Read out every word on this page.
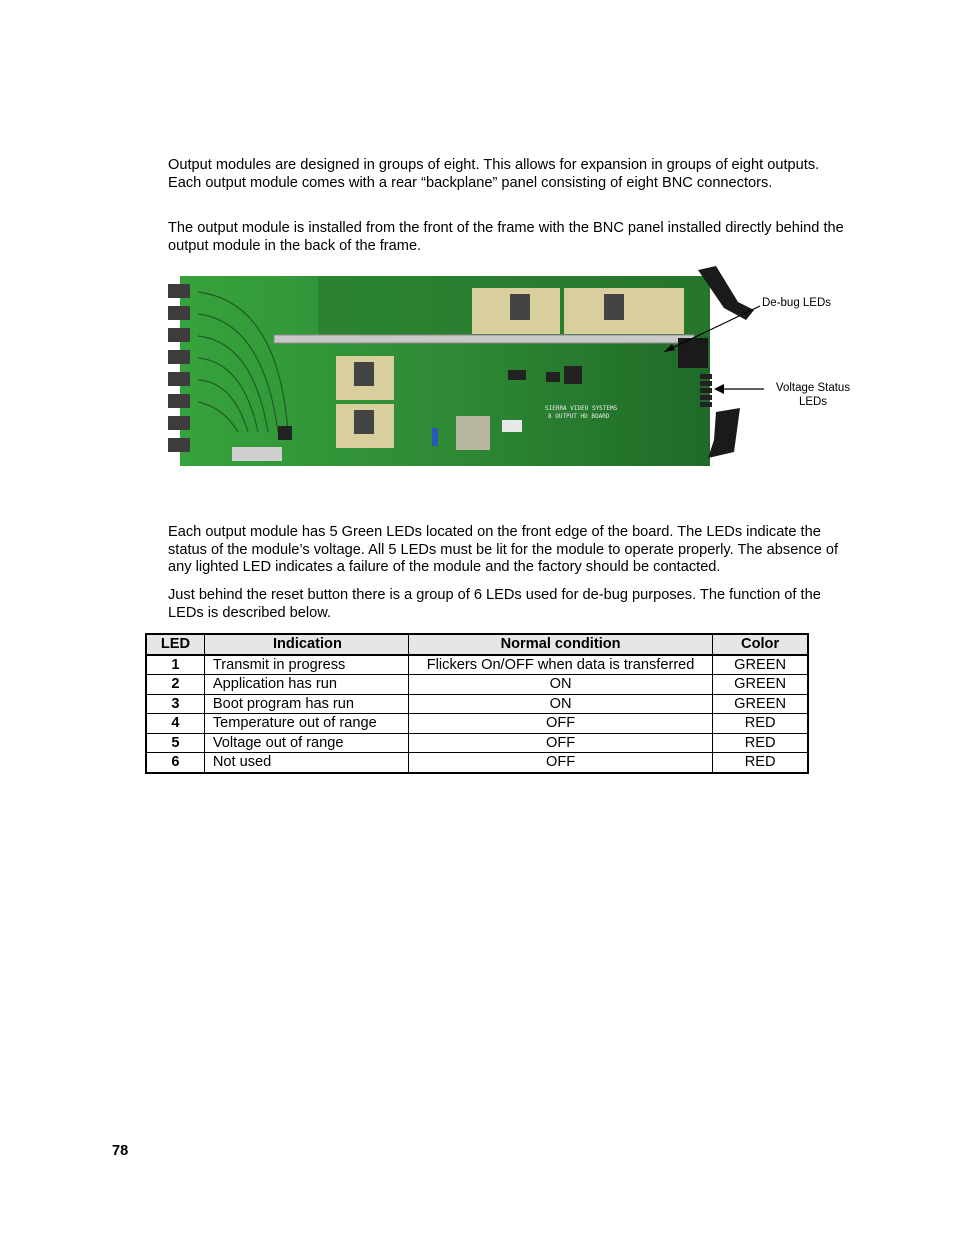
Output modules are designed in groups of eight. This allows for expansion in groups of eight outputs. Each output module comes with a rear “backplane” panel consisting of eight BNC connectors.

The output module is installed from the front of the frame with the BNC panel installed directly behind the output module in the back of the frame.

SIERRA VIDEO SYSTEMS
8 OUTPUT HD BOARD
De-bug LEDs
Voltage Status LEDs

Each output module has 5 Green LEDs located on the front edge of the board. The LEDs indicate the status of the module’s voltage. All 5 LEDs must be lit for the module to operate properly. The absence of any lighted LED indicates a failure of the module and the factory should be contacted.

Just behind the reset button there is a group of 6 LEDs used for de-bug purposes. The function of the LEDs is described below.

LED	Indication	Normal condition	Color
1	Transmit in progress	Flickers On/OFF when data is transferred	GREEN
2	Application has run	ON	GREEN
3	Boot program has run	ON	GREEN
4	Temperature out of range	OFF	RED
5	Voltage out of range	OFF	RED
6	Not used	OFF	RED
78
